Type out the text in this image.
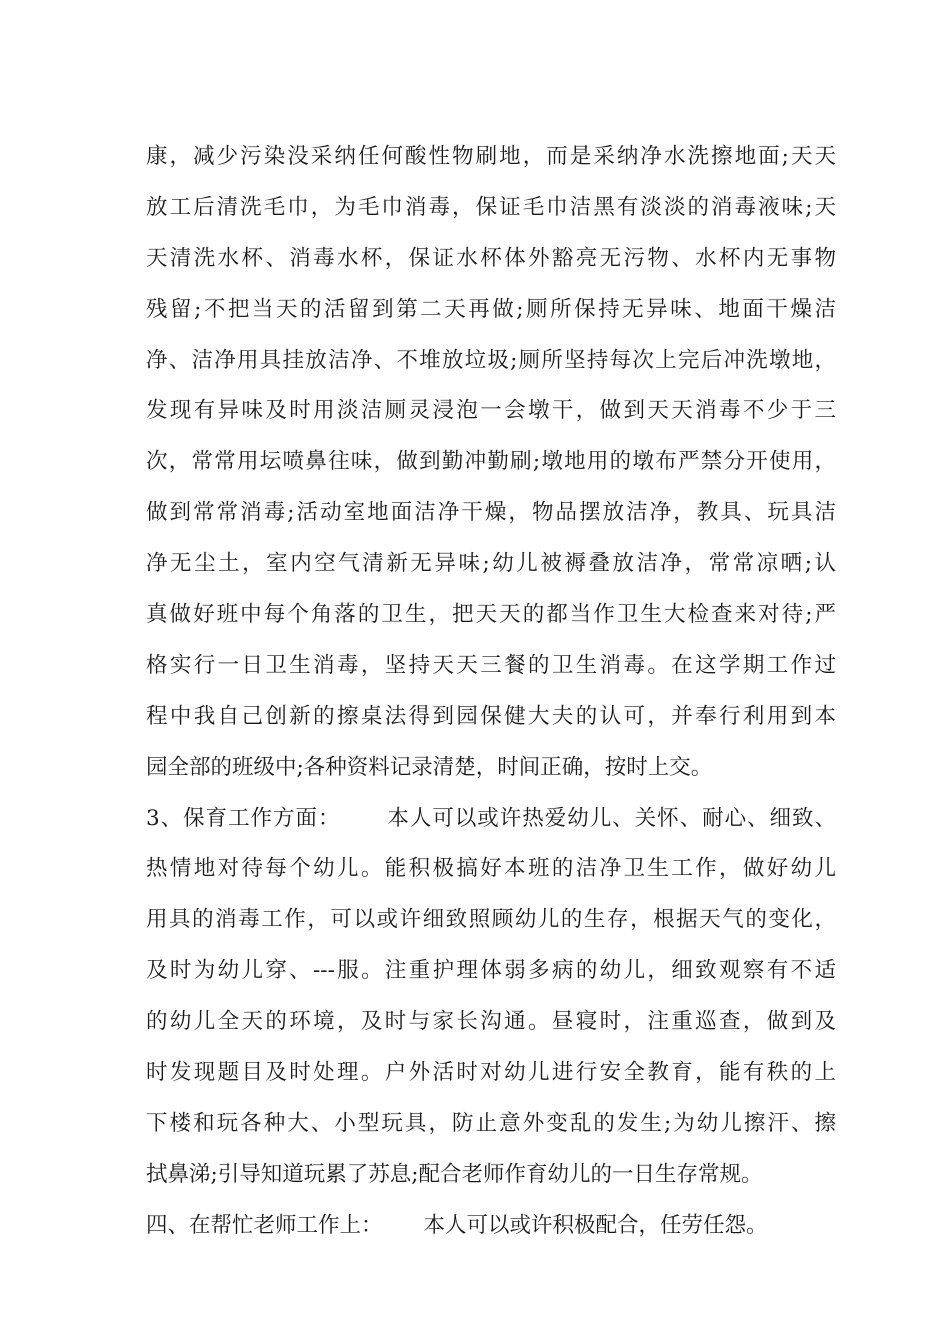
康，减少污染没采纳任何酸性物刷地，而是采纳净水洗擦地面;天天
放工后清洗毛巾，为毛巾消毒，保证毛巾洁黑有淡淡的消毒液味;天
天清洗水杯、消毒水杯，保证水杯体外豁亮无污物、水杯内无事物
残留;不把当天的活留到第二天再做;厕所保持无异味、地面干燥洁
净、洁净用具挂放洁净、不堆放垃圾;厕所坚持每次上完后冲洗墩地，
发现有异味及时用淡洁厕灵浸泡一会墩干，做到天天消毒不少于三
次，常常用坛喷鼻往味，做到勤冲勤刷;墩地用的墩布严禁分开使用，
做到常常消毒;活动室地面洁净干燥，物品摆放洁净，教具、玩具洁
净无尘土，室内空气清新无异味;幼儿被褥叠放洁净，常常凉晒;认
真做好班中每个角落的卫生，把天天的都当作卫生大检查来对待;严
格实行一日卫生消毒，坚持天天三餐的卫生消毒。在这学期工作过
程中我自己创新的擦桌法得到园保健大夫的认可，并奉行利用到本
园全部的班级中;各种资料记录清楚，时间正确，按时上交。
3、保育工作方面：      本人可以或许热爱幼儿、关怀、耐心、细致、
热情地对待每个幼儿。能积极搞好本班的洁净卫生工作，做好幼儿
用具的消毒工作，可以或许细致照顾幼儿的生存，根据天气的变化，
及时为幼儿穿、---服。注重护理体弱多病的幼儿，细致观察有不适
的幼儿全天的环境，及时与家长沟通。昼寝时，注重巡查，做到及
时发现题目及时处理。户外活时对幼儿进行安全教育，能有秩的上
下楼和玩各种大、小型玩具，防止意外变乱的发生;为幼儿擦汗、擦
拭鼻涕;引导知道玩累了苏息;配合老师作育幼儿的一日生存常规。
四、在帮忙老师工作上：      本人可以或许积极配合，任劳任怨。
